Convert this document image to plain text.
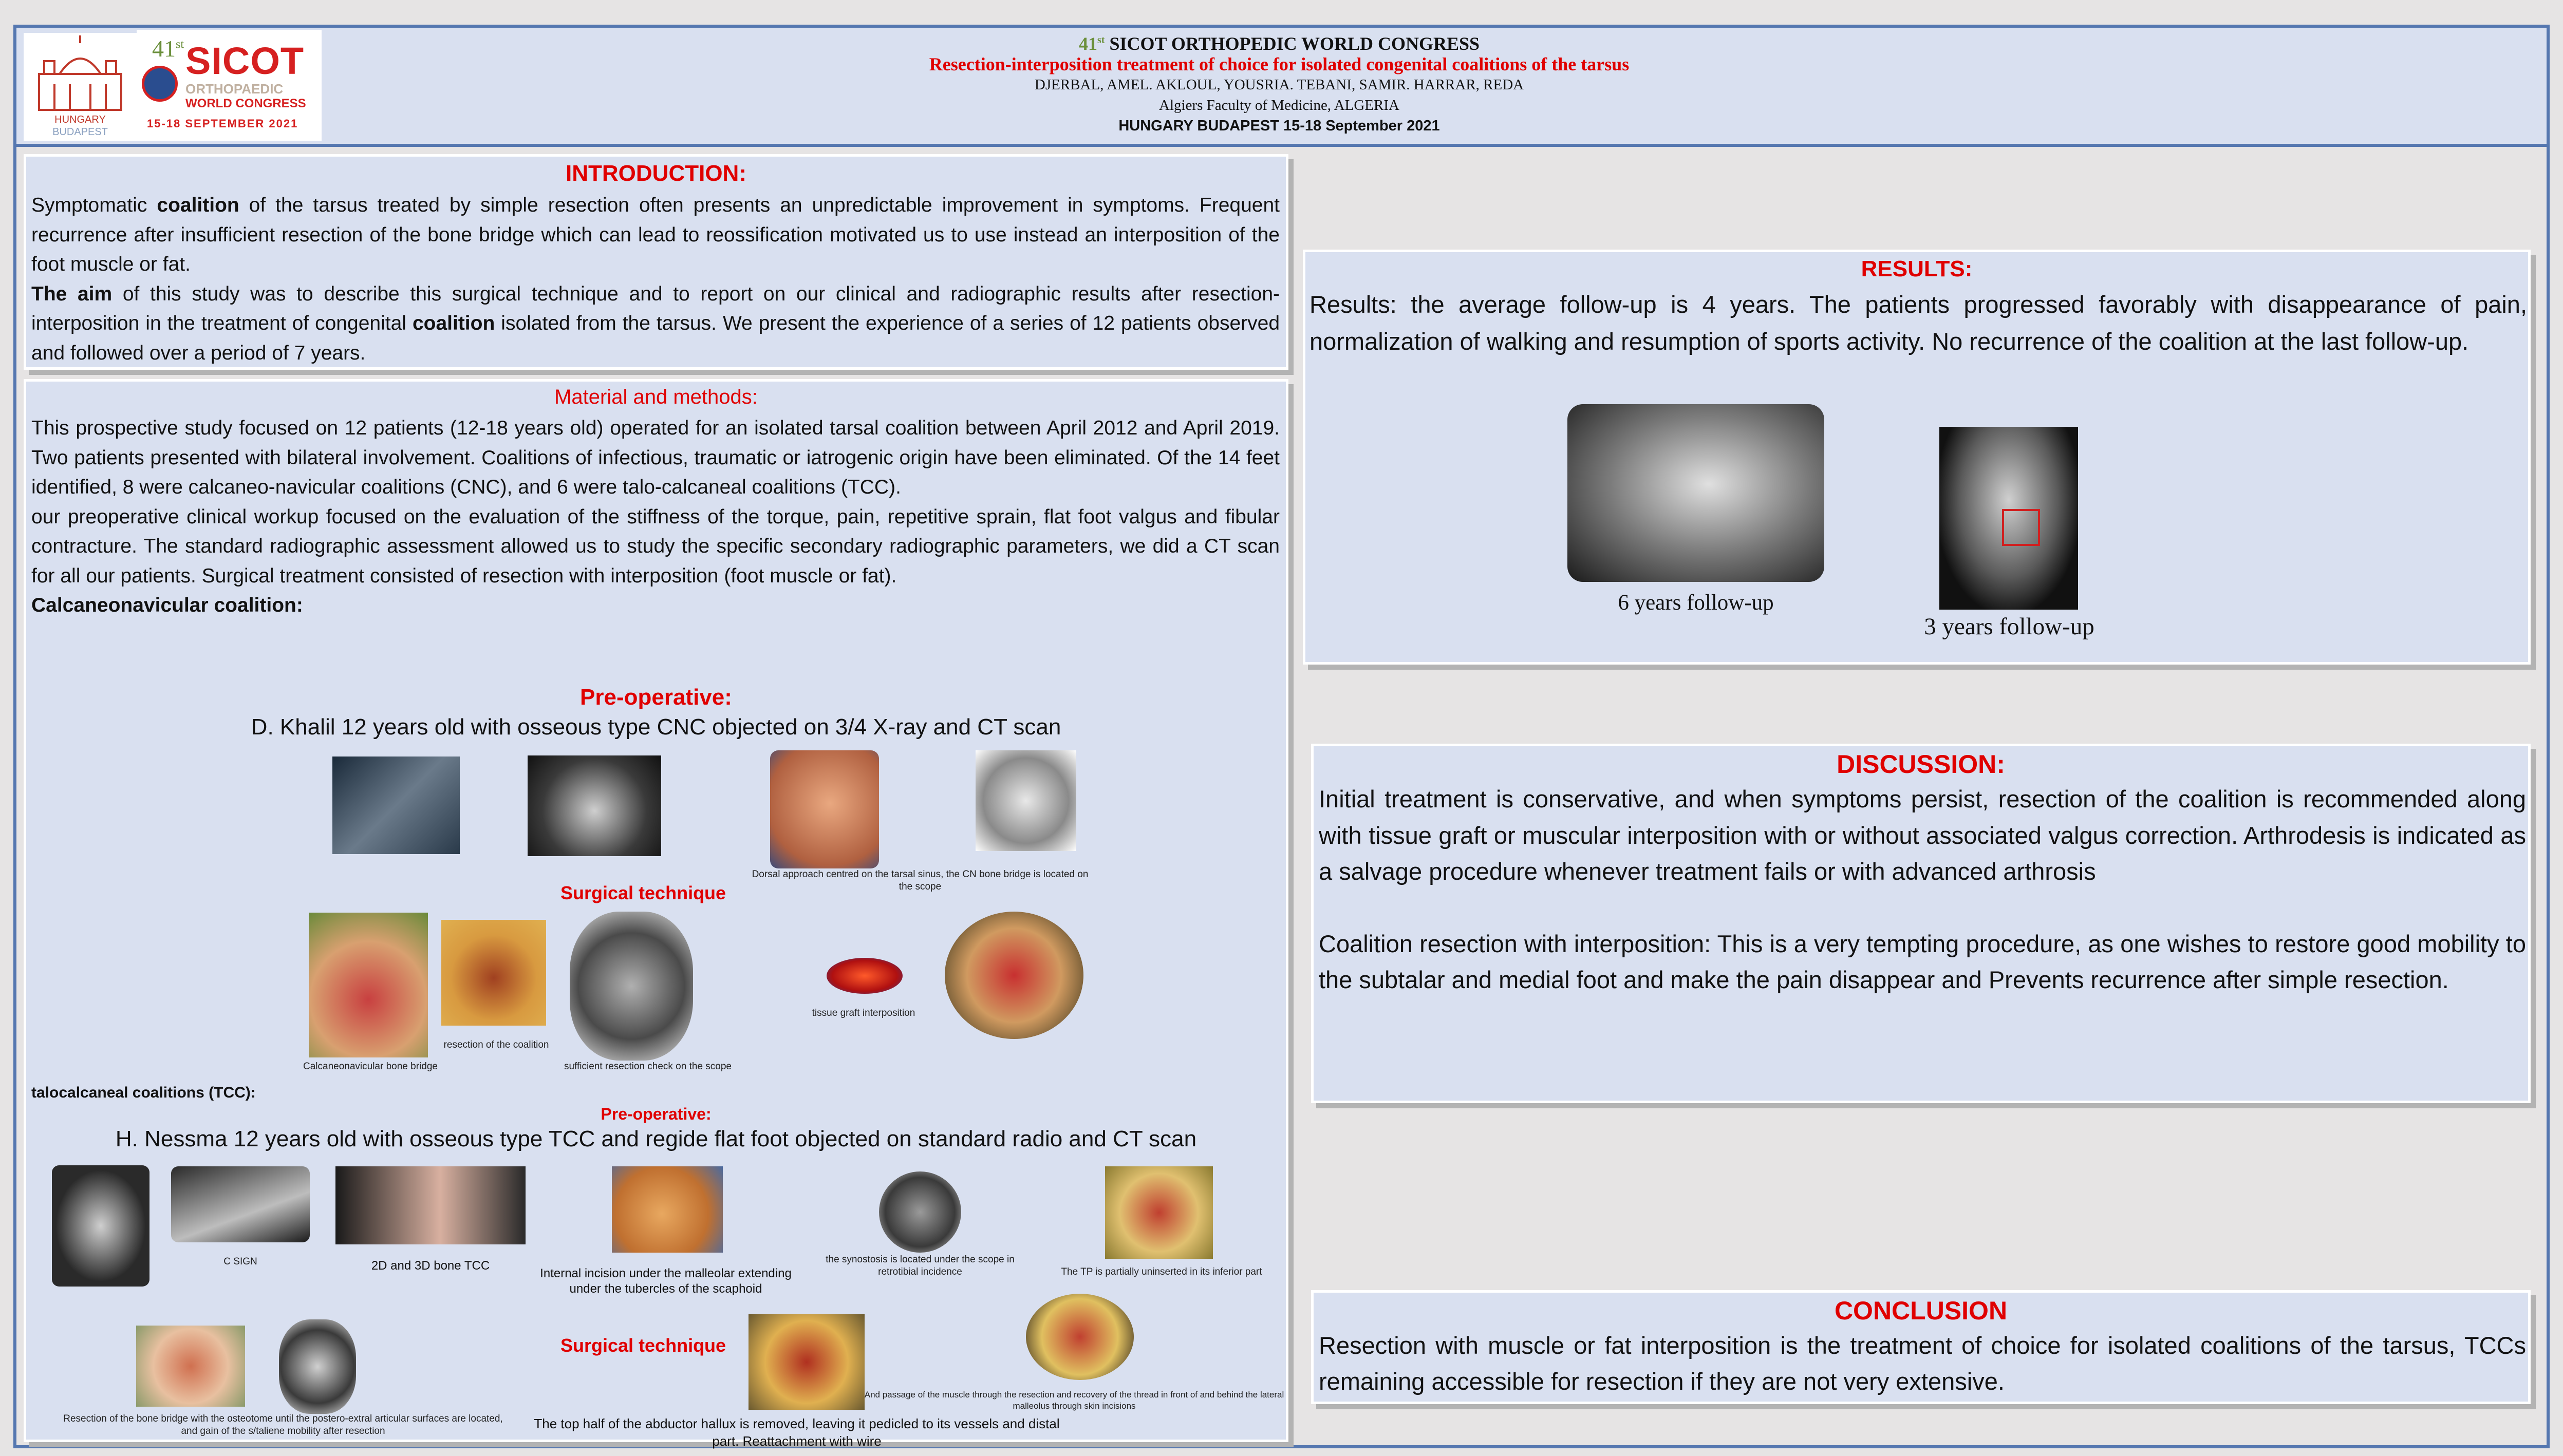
HUNGARY
BUDAPEST
41st SICOT
ORTHOPAEDIC
WORLD CONGRESS
15-18 SEPTEMBER 2021
41st SICOT ORTHOPEDIC WORLD CONGRESS
Resection-interposition treatment of choice for isolated congenital coalitions of the tarsus
DJERBAL, AMEL. AKLOUL, YOUSRIA. TEBANI, SAMIR. HARRAR, REDA
Algiers Faculty of Medicine, ALGERIA
HUNGARY BUDAPEST 15-18 September 2021
INTRODUCTION:
Symptomatic coalition of the tarsus treated by simple resection often presents an unpredictable improvement in symptoms. Frequent recurrence after insufficient resection of the bone bridge which can lead to reossification motivated us to use instead an interposition of the foot muscle or fat.
The aim of this study was to describe this surgical technique and to report on our clinical and radiographic results after resection-interposition in the treatment of congenital coalition isolated from the tarsus. We present the experience of a series of 12 patients observed and followed over a period of 7 years.
Material and methods:
This prospective study focused on 12 patients (12-18 years old) operated for an isolated tarsal coalition between April 2012 and April 2019. Two patients presented with bilateral involvement. Coalitions of infectious, traumatic or iatrogenic origin have been eliminated. Of the 14 feet identified, 8 were calcaneo-navicular coalitions (CNC), and 6 were talo-calcaneal coalitions (TCC).
our preoperative clinical workup focused on the evaluation of the stiffness of the torque, pain, repetitive sprain, flat foot valgus and fibular contracture. The standard radiographic assessment allowed us to study the specific secondary radiographic parameters, we did a CT scan for all our patients. Surgical treatment consisted of resection with interposition (foot muscle or fat).
Calcaneonavicular coalition:
Pre-operative:
D. Khalil 12 years old with osseous type CNC objected on 3/4 X-ray and CT scan
Dorsal approach centred on the tarsal sinus, the CN bone bridge is located on the scope
Surgical technique
Calcaneonavicular bone bridge
resection of the coalition
sufficient resection check on the scope
tissue graft interposition
talocalcaneal coalitions (TCC):
Pre-operative:
H. Nessma 12 years old with osseous type TCC and regide flat foot objected on standard radio and CT scan
C SIGN	2D and 3D bone TCC
Internal incision under the malleolar extending under the tubercles of the scaphoid
the synostosis is located under the scope in retrotibial incidence	The TP is partially uninserted in its inferior part
Resection of the bone bridge with the osteotome until the postero-extral articular surfaces are located, and gain of the s/taliene mobility after resection
Surgical technique
The top half of the abductor hallux is removed, leaving it pedicled to its vessels and distal part. Reattachment with wire
And passage of the muscle through the resection and recovery of the thread in front of and behind the lateral malleolus through skin incisions
RESULTS:
Results: the average follow-up is 4 years. The patients progressed favorably with disappearance of pain, normalization of walking and resumption of sports activity. No recurrence of the coalition at the last follow-up.
6 years follow-up
3 years follow-up
DISCUSSION:
Initial treatment is conservative, and when symptoms persist, resection of the coalition is recommended along with tissue graft or muscular interposition with or without associated valgus correction. Arthrodesis is indicated as a salvage procedure whenever treatment fails or with advanced arthrosis
Coalition resection with interposition: This is a very tempting procedure, as one wishes to restore good mobility to the subtalar and medial foot and make the pain disappear and Prevents recurrence after simple resection.
CONCLUSION
Resection with muscle or fat interposition is the treatment of choice for isolated coalitions of the tarsus, TCCs remaining accessible for resection if they are not very extensive.
